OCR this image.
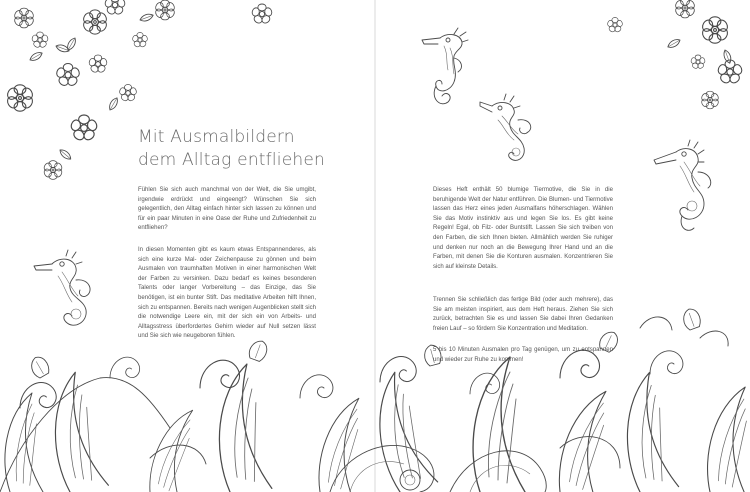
Mit Ausmalbildern
dem Alltag entfliehen

Fühlen Sie sich auch manchmal von der Welt, die Sie umgibt, irgendwie erdrückt und eingeengt? Wünschen Sie sich gelegentlich, den Alltag einfach hinter sich lassen zu können und für ein paar Minuten in eine Oase der Ruhe und Zufriedenheit zu entfliehen?

In diesen Momenten gibt es kaum etwas Entspannenderes, als sich eine kurze Mal- oder Zeichenpause zu gönnen und beim Ausmalen von traumhaften Motiven in einer harmonischen Welt der Farben zu versinken. Dazu bedarf es keines besonderen Talents oder langer Vorbereitung – das Einzige, das Sie benötigen, ist ein bunter Stift. Das meditative Arbeiten hilft Ihnen, sich zu entspannen. Bereits nach wenigen Augenblicken stellt sich die notwendige Leere ein, mit der sich ein von Arbeits- und Alltagsstress überfordertes Gehirn wieder auf Null setzen lässt und Sie sich wie neugeboren fühlen.

Dieses Heft enthält 50 blumige Tiermotive, die Sie in die beruhigende Welt der Natur entführen. Die Blumen- und Tiermotive lassen das Herz eines jeden Ausmalfans höherschlagen. Wählen Sie das Motiv instinktiv aus und legen Sie los. Es gibt keine Regeln! Egal, ob Filz- oder Buntstift. Lassen Sie sich treiben von den Farben, die sich Ihnen bieten. Allmählich werden Sie ruhiger und denken nur noch an die Bewegung Ihrer Hand und an die Farben, mit denen Sie die Konturen ausmalen. Konzentrieren Sie sich auf kleinste Details.

Trennen Sie schließlich das fertige Bild (oder auch mehrere), das Sie am meisten inspiriert, aus dem Heft heraus. Ziehen Sie sich zurück, betrachten Sie es und lassen Sie dabei Ihren Gedanken freien Lauf – so fördern Sie Konzentration und Meditation.

5 bis 10 Minuten Ausmalen pro Tag genügen, um zu entspannen und wieder zur Ruhe zu kommen!
